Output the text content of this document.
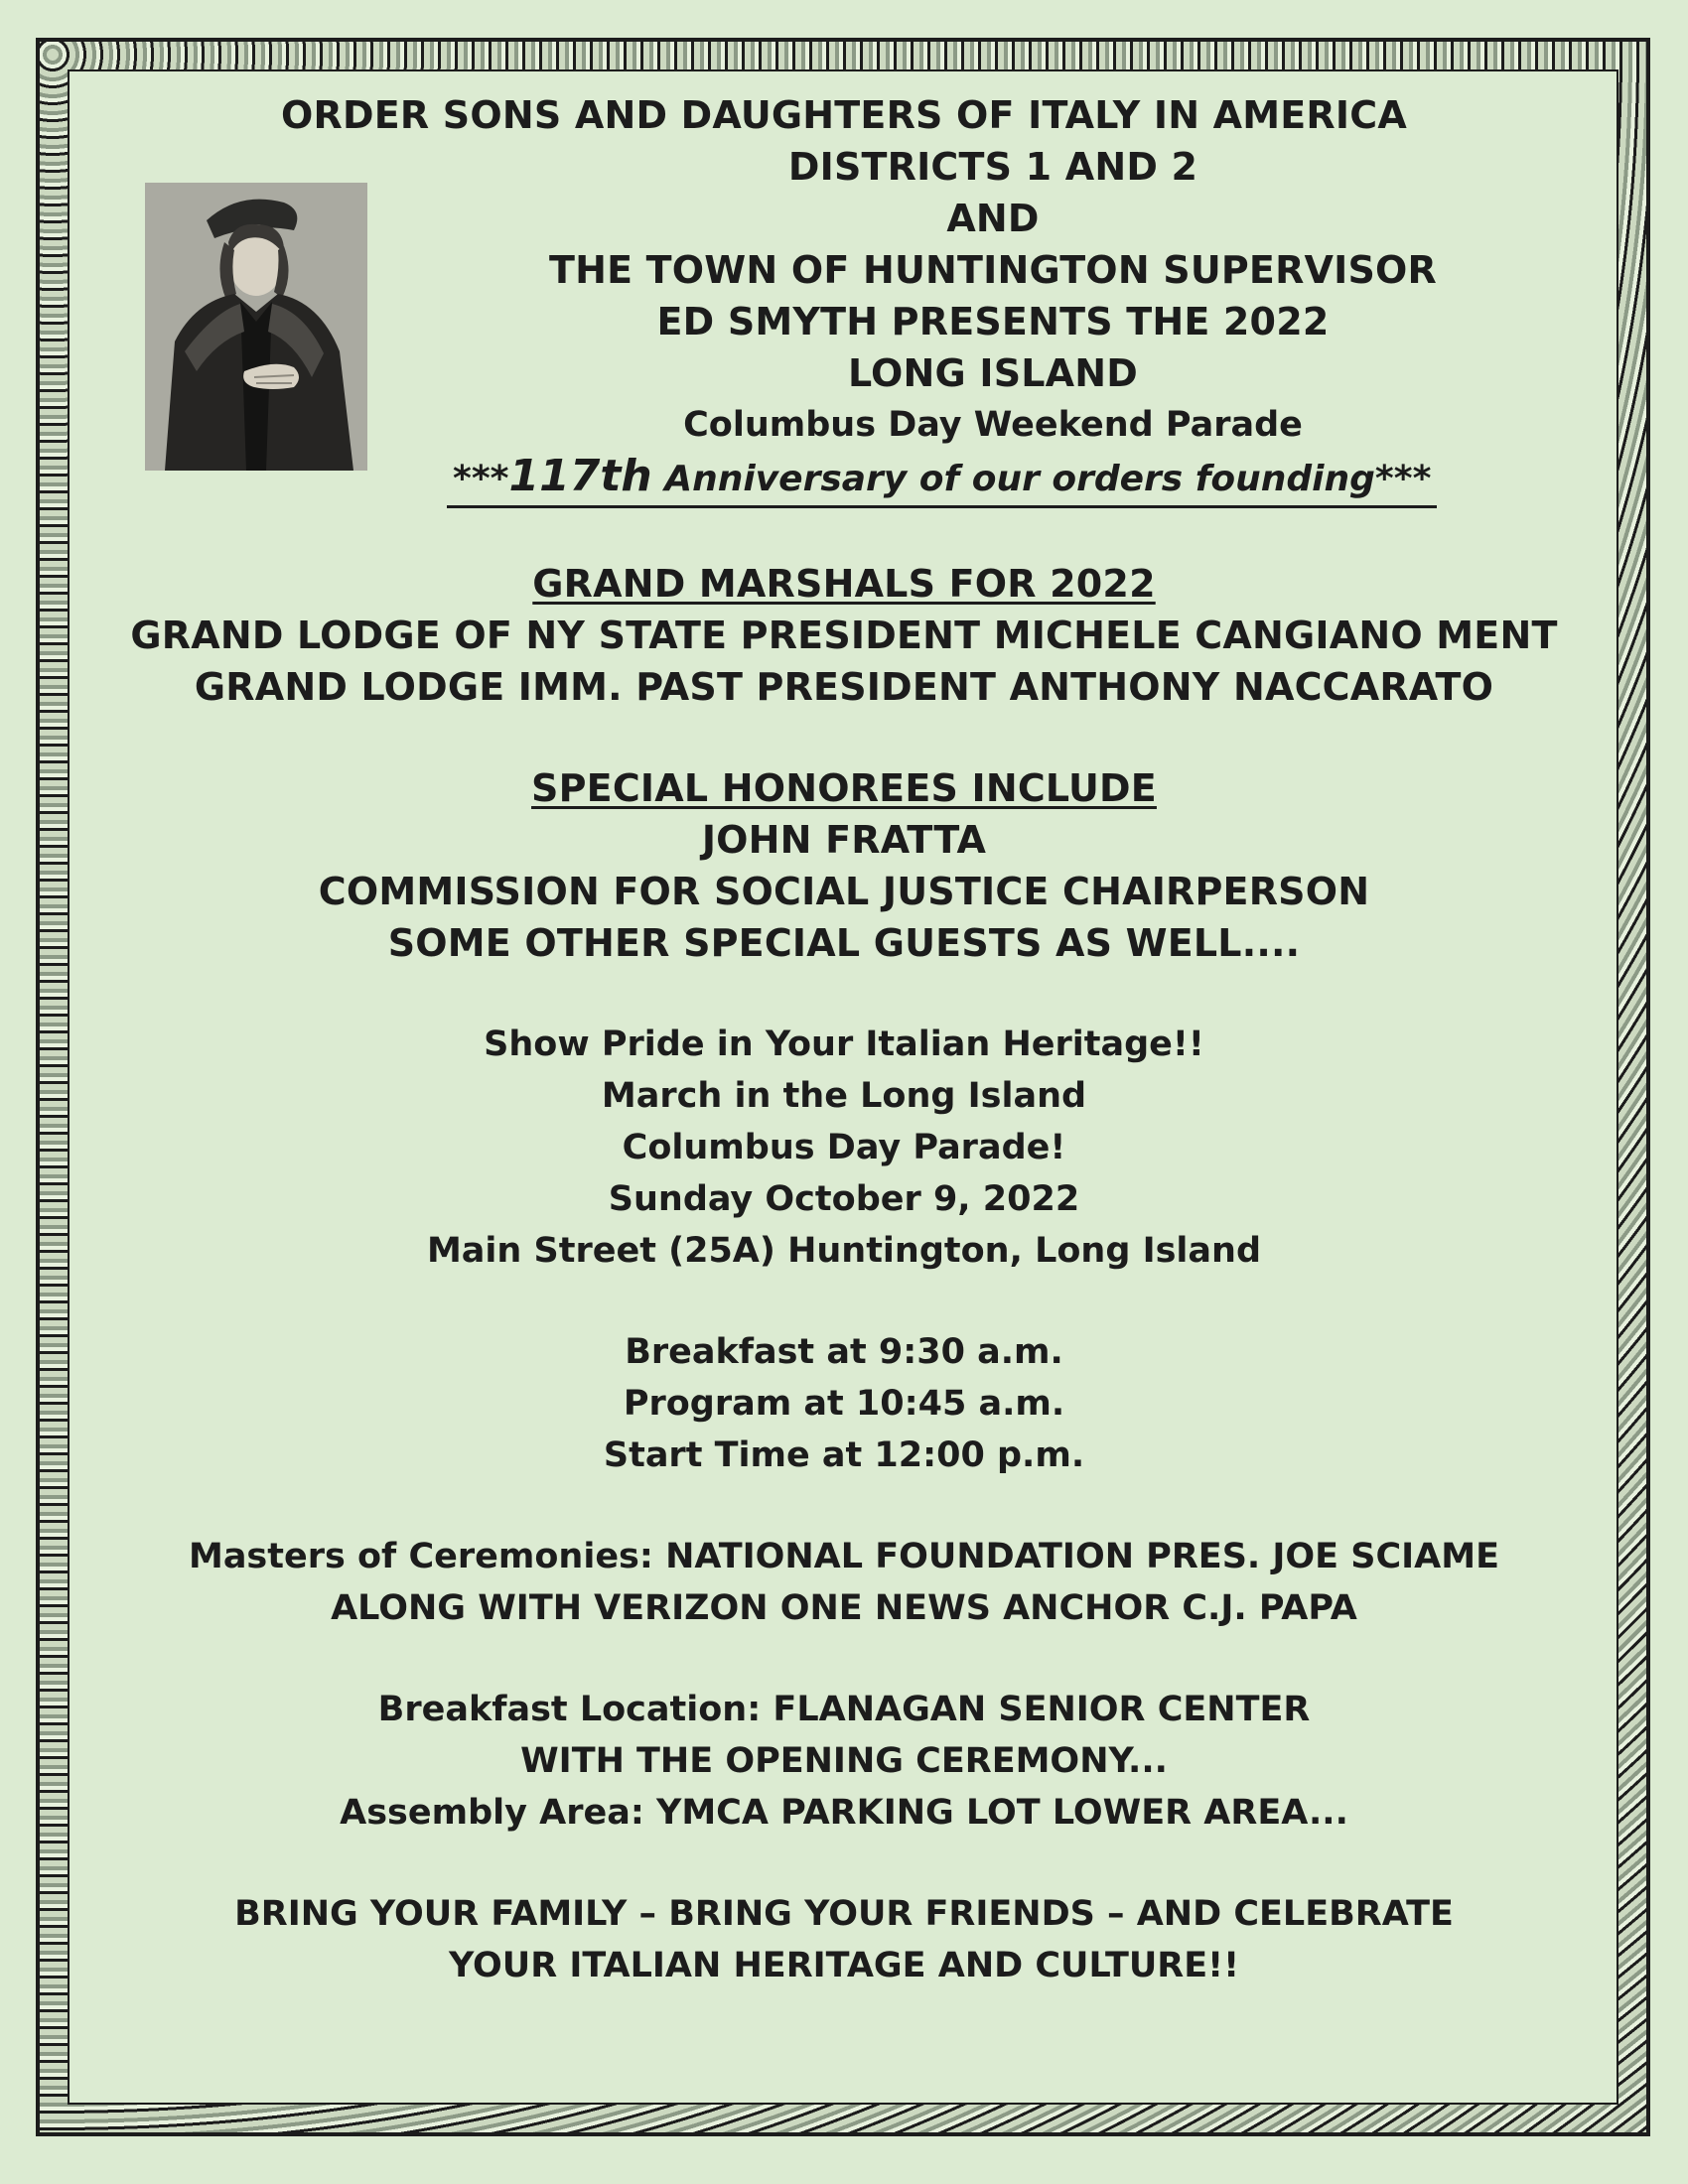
ORDER SONS AND DAUGHTERS OF ITALY IN AMERICA
DISTRICTS 1 AND 2
AND
THE TOWN OF HUNTINGTON SUPERVISOR
ED SMYTH PRESENTS THE 2022
LONG ISLAND
Columbus Day Weekend Parade
***117th Anniversary of our orders founding***
GRAND MARSHALS FOR 2022
GRAND LODGE OF NY STATE PRESIDENT MICHELE CANGIANO MENT
GRAND LODGE IMM. PAST PRESIDENT ANTHONY NACCARATO
SPECIAL HONOREES INCLUDE
JOHN FRATTA
COMMISSION FOR SOCIAL JUSTICE CHAIRPERSON
SOME OTHER SPECIAL GUESTS AS WELL....
Show Pride in Your Italian Heritage!!
March in the Long Island
Columbus Day Parade!
Sunday October 9, 2022
Main Street (25A) Huntington, Long Island
Breakfast at 9:30 a.m.
Program at 10:45 a.m.
Start Time at 12:00 p.m.
Masters of Ceremonies: NATIONAL FOUNDATION PRES. JOE SCIAME
ALONG WITH VERIZON ONE NEWS ANCHOR C.J. PAPA
Breakfast Location: FLANAGAN SENIOR CENTER
WITH THE OPENING CEREMONY...
Assembly Area: YMCA PARKING LOT LOWER AREA...
BRING YOUR FAMILY – BRING YOUR FRIENDS – AND CELEBRATE
YOUR ITALIAN HERITAGE AND CULTURE!!
